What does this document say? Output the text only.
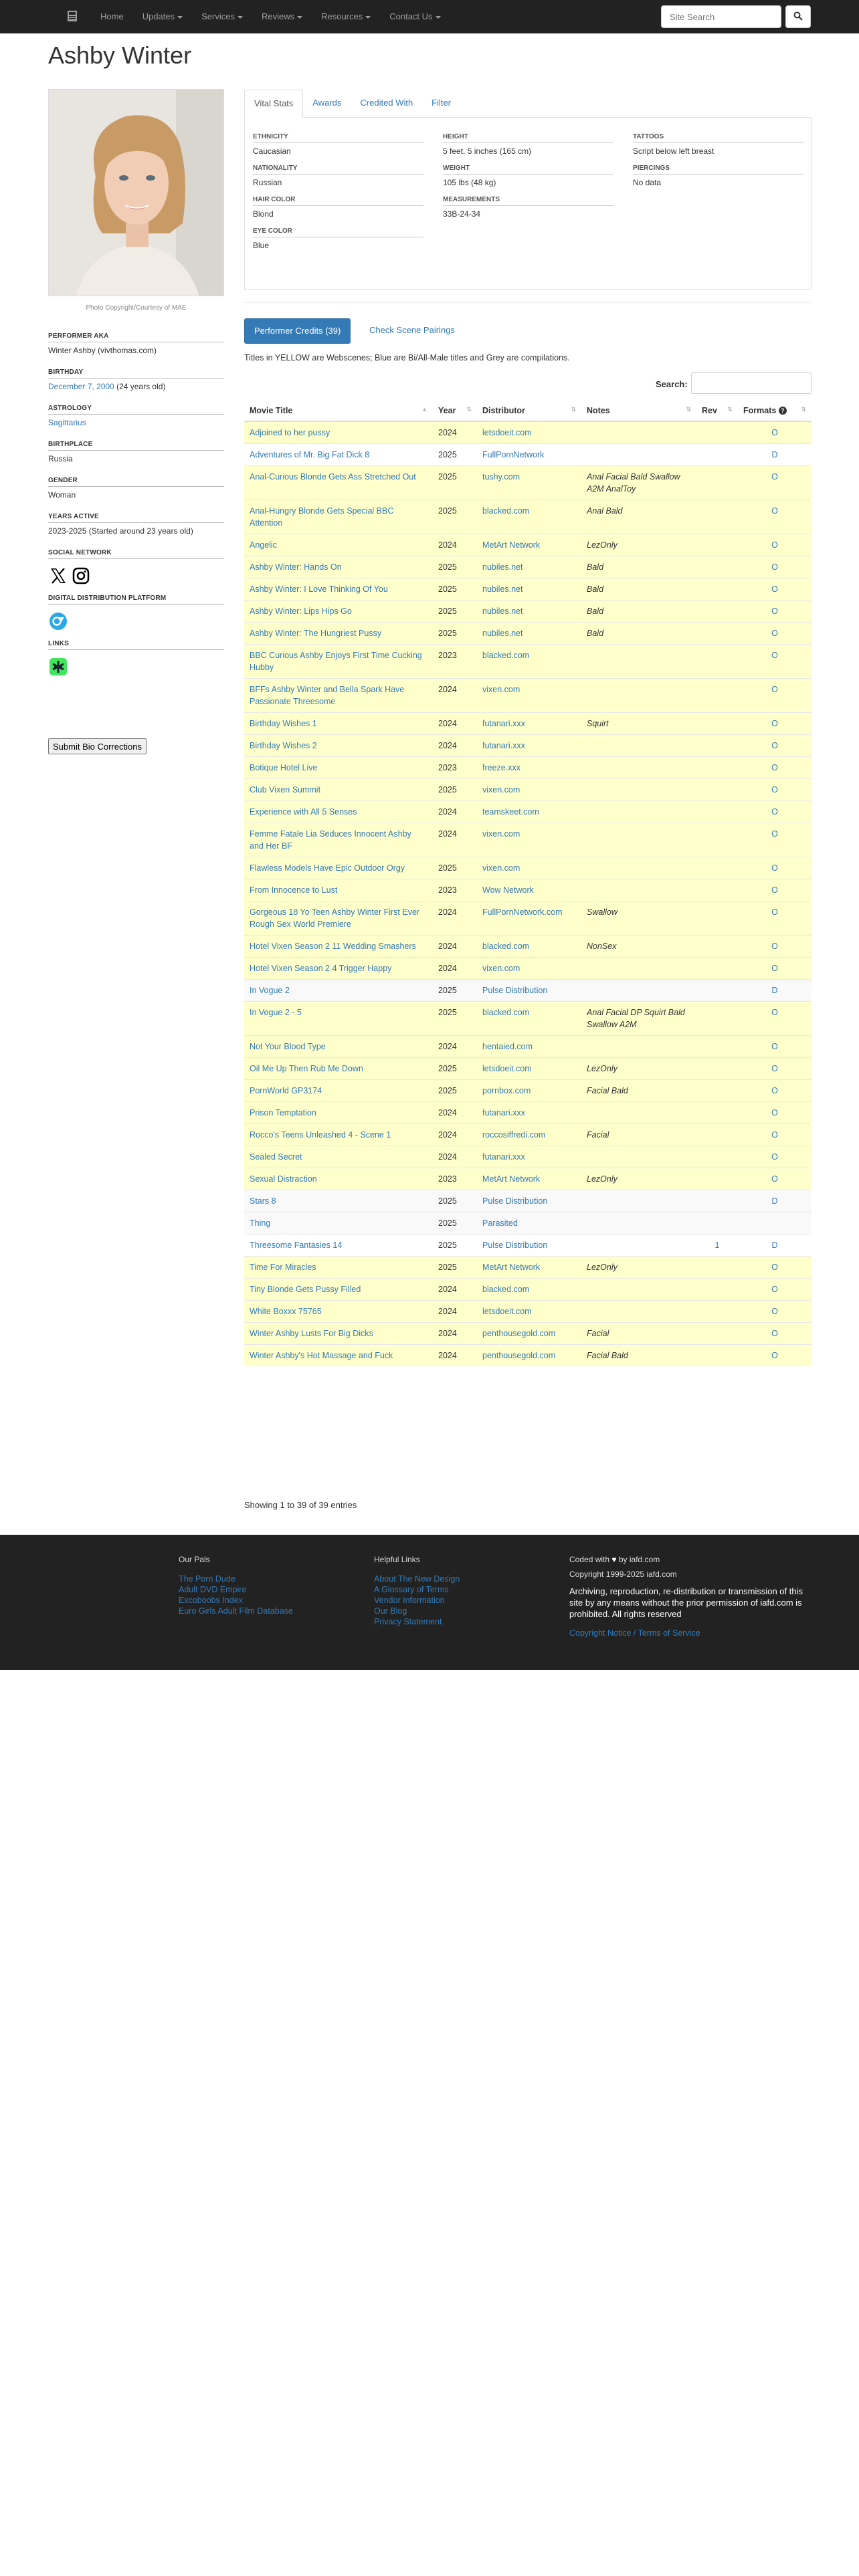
Home	Updates	Services	Reviews	Resources	Contact Us
Site Search
Ashby Winter
Photo Copyright/Courtesy of MAE
PERFORMER AKA
Winter Ashby (vivthomas.com)
BIRTHDAY
December 7, 2000 (24 years old)
ASTROLOGY
Sagittarius
BIRTHPLACE
Russia
GENDER
Woman
YEARS ACTIVE
2023-2025 (Started around 23 years old)
SOCIAL NETWORK
DIGITAL DISTRIBUTION PLATFORM
LINKS
Submit Bio Corrections
Vital Stats	Awards	Credited With	Filter
ETHNICITY
Caucasian
NATIONALITY
Russian
HAIR COLOR
Blond
EYE COLOR
Blue
HEIGHT
5 feet, 5 inches (165 cm)
WEIGHT
105 lbs (48 kg)
MEASUREMENTS
33B-24-34
TATTOOS
Script below left breast
PIERCINGS
No data
Performer Credits (39)	Check Scene Pairings
Titles in YELLOW are Webscenes; Blue are Bi/All-Male titles and Grey are compilations.
Search:
Movie Title ▲	Year ⇅	Distributor ⇅	Notes ⇅	Rev ⇅	Formats ? ⇅

Adjoined to her pussy	2024	letsdoeit.com			O
Adventures of Mr. Big Fat Dick 8	2025	FullPornNetwork			D
Anal-Curious Blonde Gets Ass Stretched Out	2025	tushy.com	Anal Facial Bald Swallow A2M AnalToy		O
Anal-Hungry Blonde Gets Special BBC Attention	2025	blacked.com	Anal Bald		O
Angelic	2024	MetArt Network	LezOnly		O
Ashby Winter: Hands On	2025	nubiles.net	Bald		O
Ashby Winter: I Love Thinking Of You	2025	nubiles.net	Bald		O
Ashby Winter: Lips Hips Go	2025	nubiles.net	Bald		O
Ashby Winter: The Hungriest Pussy	2025	nubiles.net	Bald		O
BBC Curious Ashby Enjoys First Time Cucking Hubby	2023	blacked.com			O
BFFs Ashby Winter and Bella Spark Have Passionate Threesome	2024	vixen.com			O
Birthday Wishes 1	2024	futanari.xxx	Squirt		O
Birthday Wishes 2	2024	futanari.xxx			O
Botique Hotel Live	2023	freeze.xxx			O
Club Vixen Summit	2025	vixen.com			O
Experience with All 5 Senses	2024	teamskeet.com			O
Femme Fatale Lia Seduces Innocent Ashby and Her BF	2024	vixen.com			O
Flawless Models Have Epic Outdoor Orgy	2025	vixen.com			O
From Innocence to Lust	2023	Wow Network			O
Gorgeous 18 Yo Teen Ashby Winter First Ever Rough Sex World Premiere	2024	FullPornNetwork.com	Swallow		O
Hotel Vixen Season 2 11 Wedding Smashers	2024	blacked.com	NonSex		O
Hotel Vixen Season 2 4 Trigger Happy	2024	vixen.com			O
In Vogue 2	2025	Pulse Distribution			D
In Vogue 2 - 5	2025	blacked.com	Anal Facial DP Squirt Bald Swallow A2M		O
Not Your Blood Type	2024	hentaied.com			O
Oil Me Up Then Rub Me Down	2025	letsdoeit.com	LezOnly		O
PornWorld GP3174	2025	pornbox.com	Facial Bald		O
Prison Temptation	2024	futanari.xxx			O
Rocco's Teens Unleashed 4 - Scene 1	2024	roccosiffredi.com	Facial		O
Sealed Secret	2024	futanari.xxx			O
Sexual Distraction	2023	MetArt Network	LezOnly		O
Stars 8	2025	Pulse Distribution			D
Thing	2025	Parasited			
Threesome Fantasies 14	2025	Pulse Distribution		1	D
Time For Miracles	2025	MetArt Network	LezOnly		O
Tiny Blonde Gets Pussy Filled	2024	blacked.com			O
White Boxxx 75765	2024	letsdoeit.com			O
Winter Ashby Lusts For Big Dicks	2024	penthousegold.com	Facial		O
Winter Ashby's Hot Massage and Fuck	2024	penthousegold.com	Facial Bald		O
Showing 1 to 39 of 39 entries
Our Pals
The Porn Dude
Adult DVD Empire
Excoboobs Index
Euro Girls Adult Film Database
Helpful Links
About The New Design
A Glossary of Terms
Vendor Information
Our Blog
Privacy Statement
Coded with ♥ by iafd.com
Copyright 1999-2025 iafd.com
Archiving, reproduction, re-distribution or transmission of this site by any means without the prior permission of iafd.com is prohibited. All rights reserved
Copyright Notice / Terms of Service
